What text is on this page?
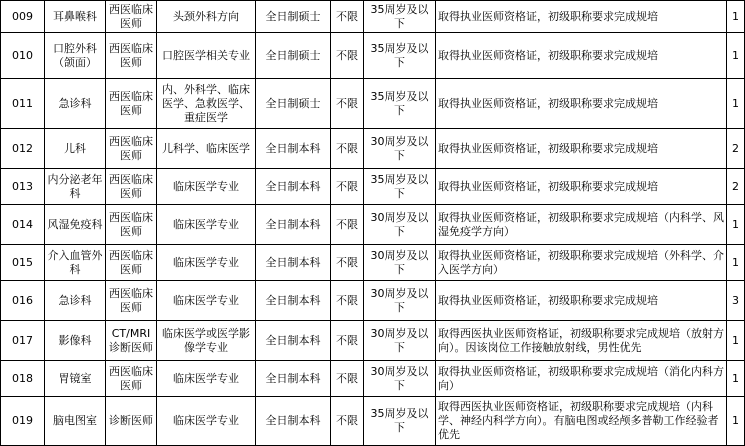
009	耳鼻喉科	西医临床医师	头颈外科方向	全日制硕士	不限	35周岁及以下	取得执业医师资格证，初级职称要求完成规培	1
010	口腔外科（颌面）	西医临床医师	口腔医学相关专业	全日制硕士	不限	35周岁及以下	取得执业医师资格证，初级职称要求完成规培	1
011	急诊科	西医临床医师	内、外科学、临床医学、急救医学、重症医学	全日制硕士	不限	35周岁及以下	取得执业医师资格证，初级职称要求完成规培	1
012	儿科	西医临床医师	儿科学、临床医学	全日制本科	不限	30周岁及以下	取得执业医师资格证，初级职称要求完成规培	2
013	内分泌老年科	西医临床医师	临床医学专业	全日制本科	不限	35周岁及以下	取得执业医师资格证，初级职称要求完成规培	2
014	风湿免疫科	西医临床医师	临床医学专业	全日制本科	不限	30周岁及以下	取得执业医师资格证，初级职称要求完成规培（内科学、风湿免疫学方向）	1
015	介入血管外科	西医临床医师	临床医学专业	全日制本科	不限	30周岁及以下	取得执业医师资格证，初级职称要求完成规培（外科学、介入医学方向）	1
016	急诊科	西医临床医师	临床医学专业	全日制本科	不限	30周岁及以下	取得执业医师资格证，初级职称要求完成规培	3
017	影像科	CT/MRI诊断医师	临床医学或医学影像学专业	全日制本科	不限	30周岁及以下	取得西医执业医师资格证，初级职称要求完成规培（放射方向）。因该岗位工作接触放射线，男性优先	1
018	胃镜室	西医临床医师	临床医学专业	全日制本科	不限	30周岁及以下	取得执业医师资格证，初级职称要求完成规培（消化内科方向）	1
019	脑电图室	诊断医师	临床医学专业	全日制本科	不限	35周岁及以下	取得西医执业医师资格证，初级职称要求完成规培（内科学、神经内科学方向）。有脑电图或经颅多普勒工作经验者优先	1
